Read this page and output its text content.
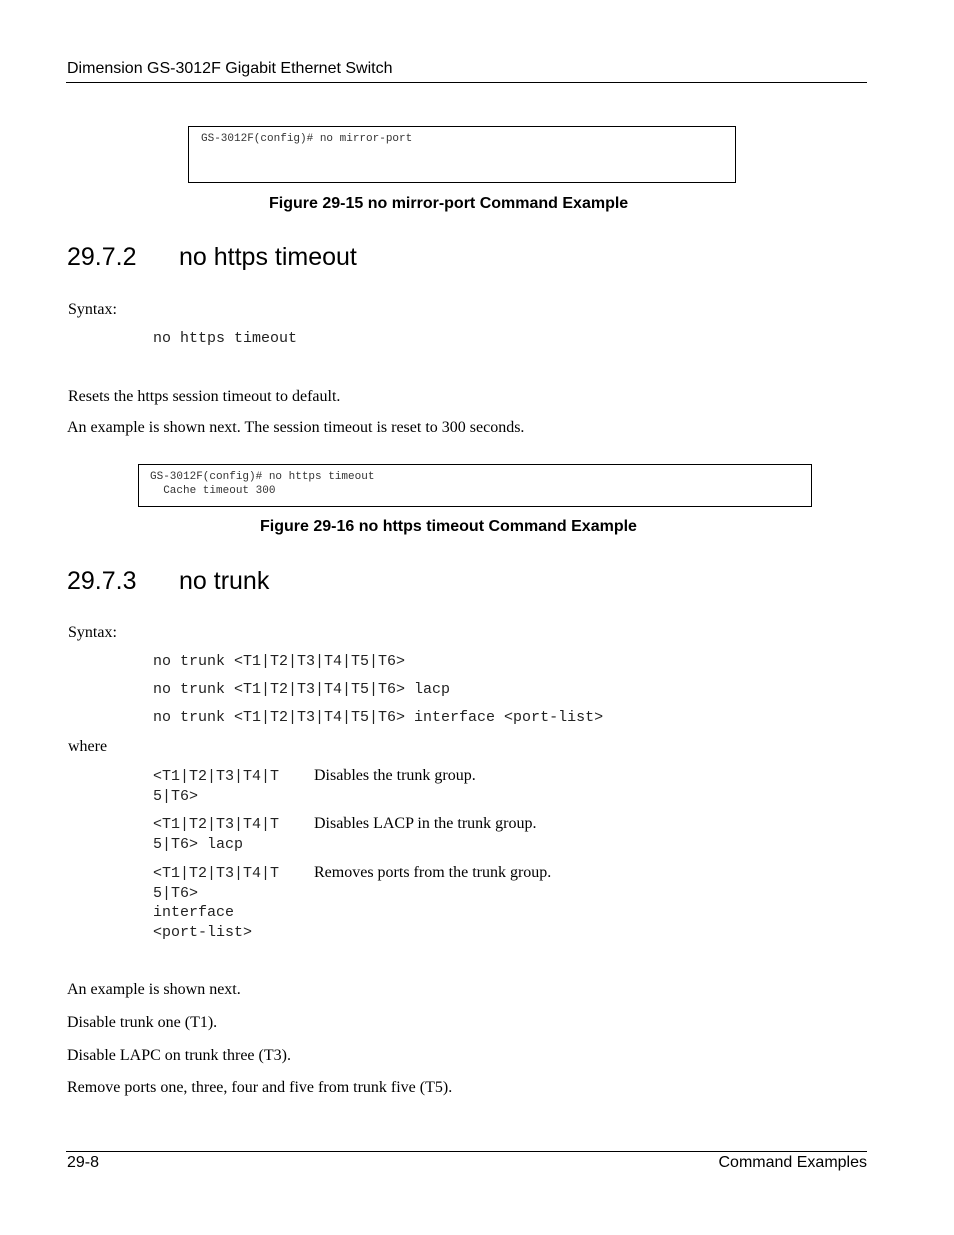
Dimension GS-3012F Gigabit Ethernet Switch
GS-3012F(config)# no mirror-port
Figure 29-15 no mirror-port Command Example
29.7.2 no https timeout
Syntax:
no https timeout
Resets the https session timeout to default.
An example is shown next. The session timeout is reset to 300 seconds.
GS-3012F(config)# no https timeout
Cache timeout 300
Figure 29-16 no https timeout Command Example
29.7.3 no trunk
Syntax:
no trunk <T1|T2|T3|T4|T5|T6>
no trunk <T1|T2|T3|T4|T5|T6> lacp
no trunk <T1|T2|T3|T4|T5|T6> interface <port-list>
where
<T1|T2|T3|T4|T
5|T6>
Disables the trunk group.
<T1|T2|T3|T4|T
5|T6> lacp
Disables LACP in the trunk group.
<T1|T2|T3|T4|T
5|T6>
interface
<port-list>
Removes ports from the trunk group.
An example is shown next.
Disable trunk one (T1).
Disable LAPC on trunk three (T3).
Remove ports one, three, four and five from trunk five (T5).
29-8	Command Examples
